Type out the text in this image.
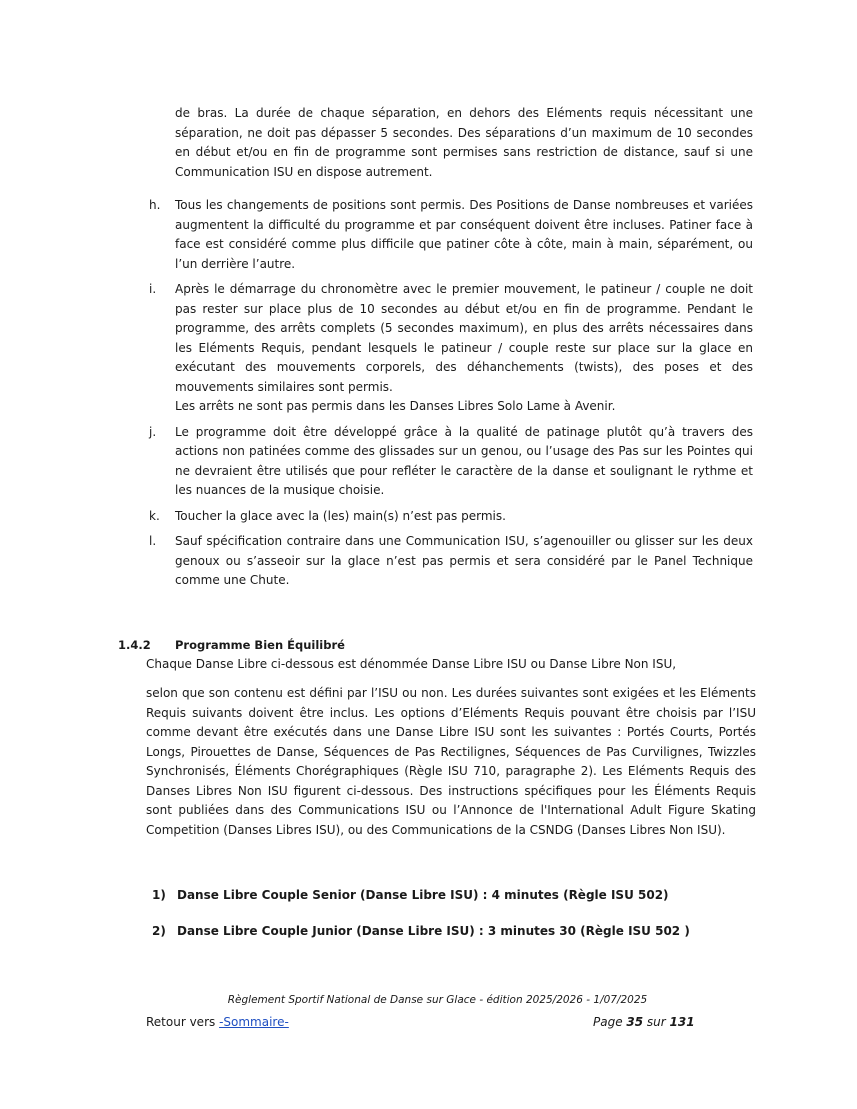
de bras. La durée de chaque séparation, en dehors des Eléments requis nécessitant une séparation, ne doit pas dépasser 5 secondes. Des séparations d’un maximum de 10 secondes en début et/ou en fin de programme sont permises sans restriction de distance, sauf si une Communication ISU en dispose autrement.

h.	Tous les changements de positions sont permis. Des Positions de Danse nombreuses et variées augmentent la difficulté du programme et par conséquent doivent être incluses. Patiner face à face est considéré comme plus difficile que patiner côte à côte, main à main, séparément, ou l’un derrière l’autre.
i.	Après le démarrage du chronomètre avec le premier mouvement, le patineur / couple ne doit pas rester sur place plus de 10 secondes au début et/ou en fin de programme. Pendant le programme, des arrêts complets (5 secondes maximum), en plus des arrêts nécessaires dans les Eléments Requis, pendant lesquels le patineur / couple reste sur place sur la glace en exécutant des mouvements corporels, des déhanchements (twists), des poses et des mouvements similaires sont permis.
Les arrêts ne sont pas permis dans les Danses Libres Solo Lame à Avenir.
j.	Le programme doit être développé grâce à la qualité de patinage plutôt qu’à travers des actions non patinées comme des glissades sur un genou, ou l’usage des Pas sur les Pointes qui ne devraient être utilisés que pour refléter le caractère de la danse et soulignant le rythme et les nuances de la musique choisie.
k.	Toucher la glace avec la (les) main(s) n’est pas permis.
l.	Sauf spécification contraire dans une Communication ISU, s’agenouiller ou glisser sur les deux genoux ou s’asseoir sur la glace n’est pas permis et sera considéré par le Panel Technique comme une Chute.
1.4.2 Programme Bien Équilibré

Chaque Danse Libre ci-dessous est dénommée Danse Libre ISU ou Danse Libre Non ISU,

selon que son contenu est défini par l’ISU ou non. Les durées suivantes sont exigées et les Eléments Requis suivants doivent être inclus. Les options d’Eléments Requis pouvant être choisis par l’ISU comme devant être exécutés dans une Danse Libre ISU sont les suivantes : Portés Courts, Portés Longs, Pirouettes de Danse, Séquences de Pas Rectilignes, Séquences de Pas Curvilignes, Twizzles Synchronisés, Éléments Chorégraphiques (Règle ISU 710, paragraphe 2). Les Eléments Requis des Danses Libres Non ISU figurent ci-dessous. Des instructions spécifiques pour les Éléments Requis sont publiées dans des Communications ISU ou l’Annonce de l'International Adult Figure Skating Competition (Danses Libres ISU), ou des Communications de la CSNDG (Danses Libres Non ISU).

1) Danse Libre Couple Senior (Danse Libre ISU) : 4 minutes (Règle ISU 502)

2) Danse Libre Couple Junior (Danse Libre ISU) : 3 minutes 30 (Règle ISU 502 )

Règlement Sportif National de Danse sur Glace - édition 2025/2026 - 1/07/2025

Retour vers -Sommaire-	Page 35 sur 131
